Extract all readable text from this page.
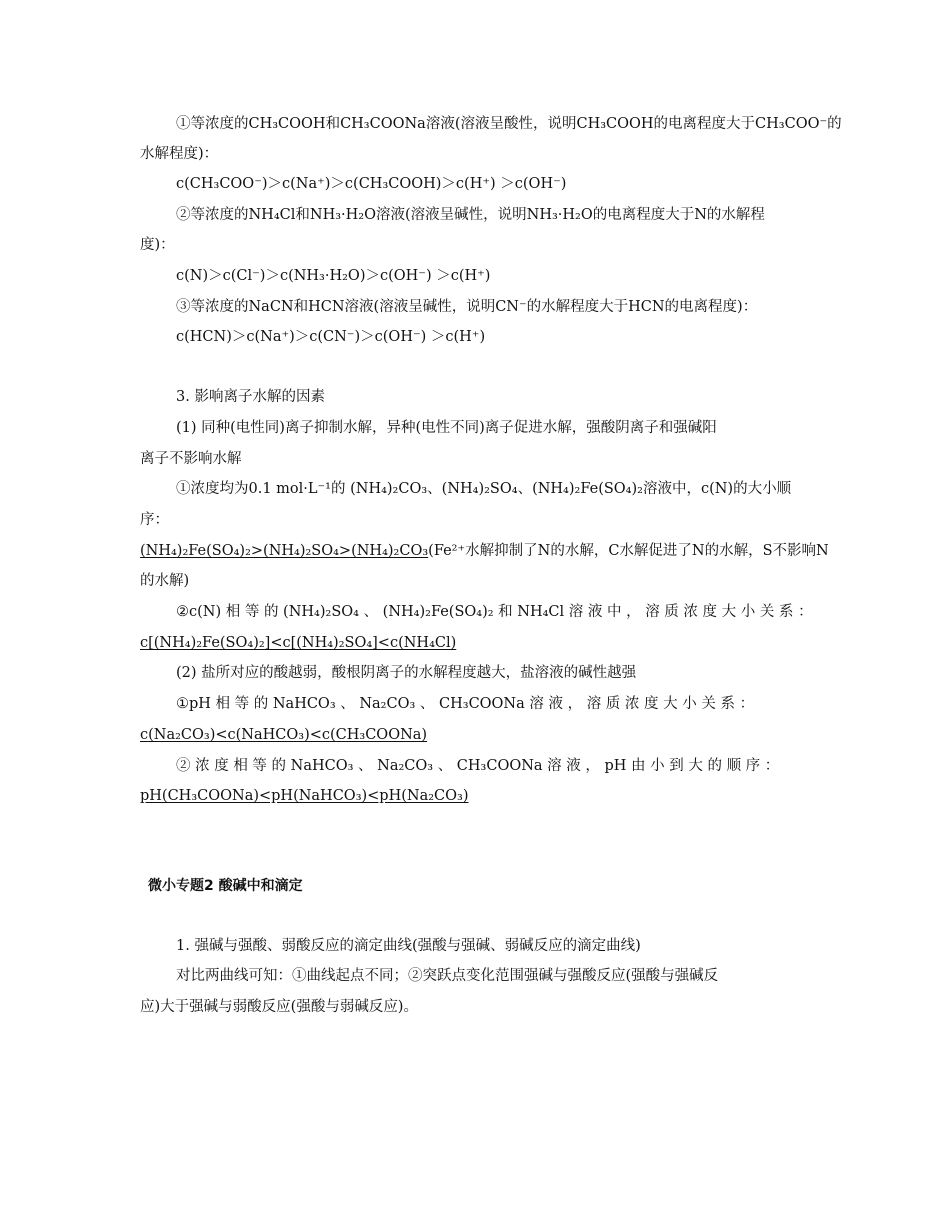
①等浓度的CH₃COOH和CH₃COONa溶液(溶液呈酸性，说明CH₃COOH的电离程度大于CH₃COO⁻的
水解程度)：
c(CH₃COO⁻)＞c(Na⁺)＞c(CH₃COOH)＞c(H⁺) ＞c(OH⁻)
②等浓度的NH₄Cl和NH₃·H₂O溶液(溶液呈碱性，说明NH₃·H₂O的电离程度大于N的水解程
度)：
c(N)＞c(Cl⁻)＞c(NH₃·H₂O)＞c(OH⁻) ＞c(H⁺)
③等浓度的NaCN和HCN溶液(溶液呈碱性，说明CN⁻的水解程度大于HCN的电离程度)：
c(HCN)＞c(Na⁺)＞c(CN⁻)＞c(OH⁻) ＞c(H⁺)
3. 影响离子水解的因素
(1) 同种(电性同)离子抑制水解，异种(电性不同)离子促进水解，强酸阴离子和强碱阳
离子不影响水解
①浓度均为0.1 mol·L⁻¹的 (NH₄)₂CO₃、(NH₄)₂SO₄、(NH₄)₂Fe(SO₄)₂溶液中，c(N)的大小顺
序：
(NH₄)₂Fe(SO₄)₂>(NH₄)₂SO₄>(NH₄)₂CO₃(Fe²⁺水解抑制了N的水解，C水解促进了N的水解，S不影响N
的水解)
②c(N) 相 等 的 (NH₄)₂SO₄ 、 (NH₄)₂Fe(SO₄)₂ 和 NH₄Cl 溶 液 中 ， 溶 质 浓 度 大 小 关 系 ：
c[(NH₄)₂Fe(SO₄)₂]<c[(NH₄)₂SO₄]<c(NH₄Cl)
(2) 盐所对应的酸越弱，酸根阴离子的水解程度越大，盐溶液的碱性越强
①pH 相 等 的 NaHCO₃ 、 Na₂CO₃ 、 CH₃COONa 溶 液 ， 溶 质 浓 度 大 小 关 系 ：
c(Na₂CO₃)<c(NaHCO₃)<c(CH₃COONa)
② 浓 度 相 等 的 NaHCO₃ 、 Na₂CO₃ 、 CH₃COONa 溶 液 ， pH 由 小 到 大 的 顺 序 ：
pH(CH₃COONa)<pH(NaHCO₃)<pH(Na₂CO₃)
微小专题2 酸碱中和滴定
1. 强碱与强酸、弱酸反应的滴定曲线(强酸与强碱、弱碱反应的滴定曲线)
对比两曲线可知：①曲线起点不同；②突跃点变化范围强碱与强酸反应(强酸与强碱反
应)大于强碱与弱酸反应(强酸与弱碱反应)。
